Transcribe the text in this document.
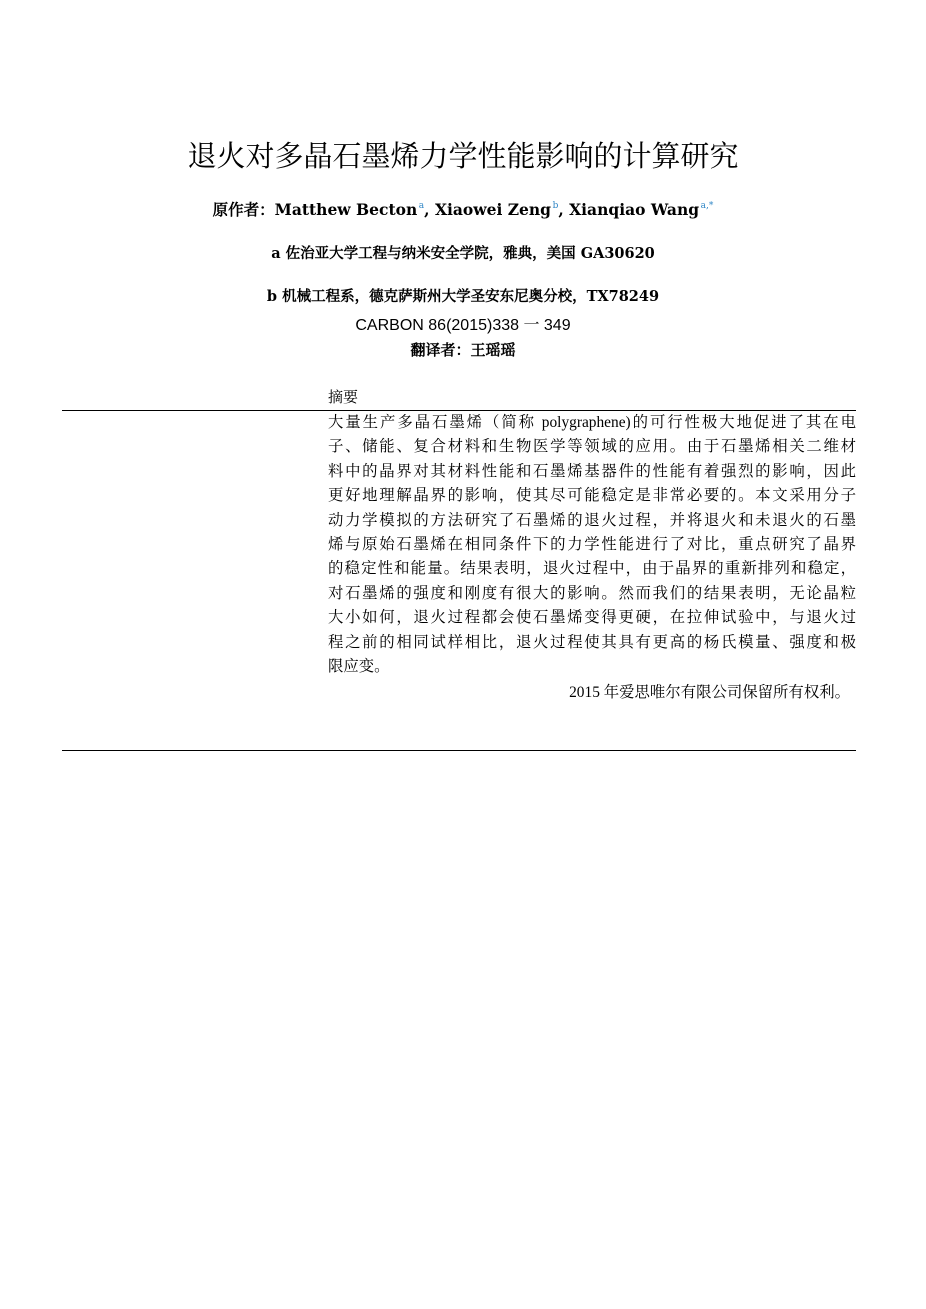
退火对多晶石墨烯力学性能影响的计算研究
原作者：Matthew Becton  $^a$, Xiaowei Zeng  $^b$, Xianqiao Wang  $^{a,*}$
a 佐治亚大学工程与纳米安全学院，雅典，美国 GA30620
b 机械工程系，德克萨斯州大学圣安东尼奥分校，TX78249
CARBON 86(2015)338 一 349
翻译者：王瑶瑶
摘要
大量生产多晶石墨烯（简称 polygraphene)的可行性极大地促进了其在电
子、储能、复合材料和生物医学等领域的应用。由于石墨烯相关二维材
料中的晶界对其材料性能和石墨烯基器件的性能有着强烈的影响，因此
更好地理解晶界的影响，使其尽可能稳定是非常必要的。本文采用分子
动力学模拟的方法研究了石墨烯的退火过程，并将退火和未退火的石墨
烯与原始石墨烯在相同条件下的力学性能进行了对比，重点研究了晶界
的稳定性和能量。结果表明，退火过程中，由于晶界的重新排列和稳定，
对石墨烯的强度和刚度有很大的影响。然而我们的结果表明，无论晶粒
大小如何，退火过程都会使石墨烯变得更硬，在拉伸试验中，与退火过
程之前的相同试样相比，退火过程使其具有更高的杨氏模量、强度和极
限应变。
2015 年爱思唯尔有限公司保留所有权利。
